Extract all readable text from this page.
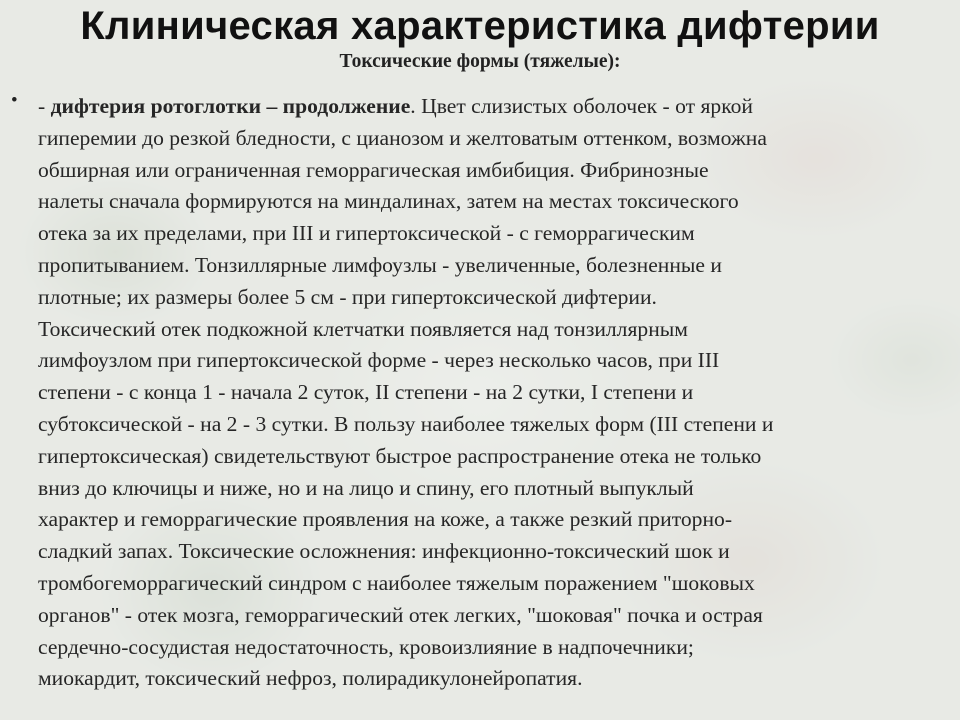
Клиническая характеристика дифтерии
Токсические формы (тяжелые):
• - дифтерия ротоглотки – продолжение. Цвет слизистых оболочек - от яркой
гиперемии до резкой бледности, с цианозом и желтоватым оттенком, возможна
обширная или ограниченная геморрагическая имбибиция. Фибринозные
налеты сначала формируются на миндалинах, затем на местах токсического
отека за их пределами, при III и гипертоксической - с геморрагическим
пропитыванием. Тонзиллярные лимфоузлы - увеличенные, болезненные и
плотные; их размеры более 5 см - при гипертоксической дифтерии.
Токсический отек подкожной клетчатки появляется над тонзиллярным
лимфоузлом при гипертоксической форме - через несколько часов, при III
степени - с конца 1 - начала 2 суток, II степени - на 2 сутки, I степени и
субтоксической - на 2 - 3 сутки. В пользу наиболее тяжелых форм (III степени и
гипертоксическая) свидетельствуют быстрое распространение отека не только
вниз до ключицы и ниже, но и на лицо и спину, его плотный выпуклый
характер и геморрагические проявления на коже, а также резкий приторно-
сладкий запах. Токсические осложнения: инфекционно-токсический шок и
тромбогеморрагический синдром с наиболее тяжелым поражением "шоковых
органов" - отек мозга, геморрагический отек легких, "шоковая" почка и острая
сердечно-сосудистая недостаточность, кровоизлияние в надпочечники;
миокардит, токсический нефроз, полирадикулонейропатия.
